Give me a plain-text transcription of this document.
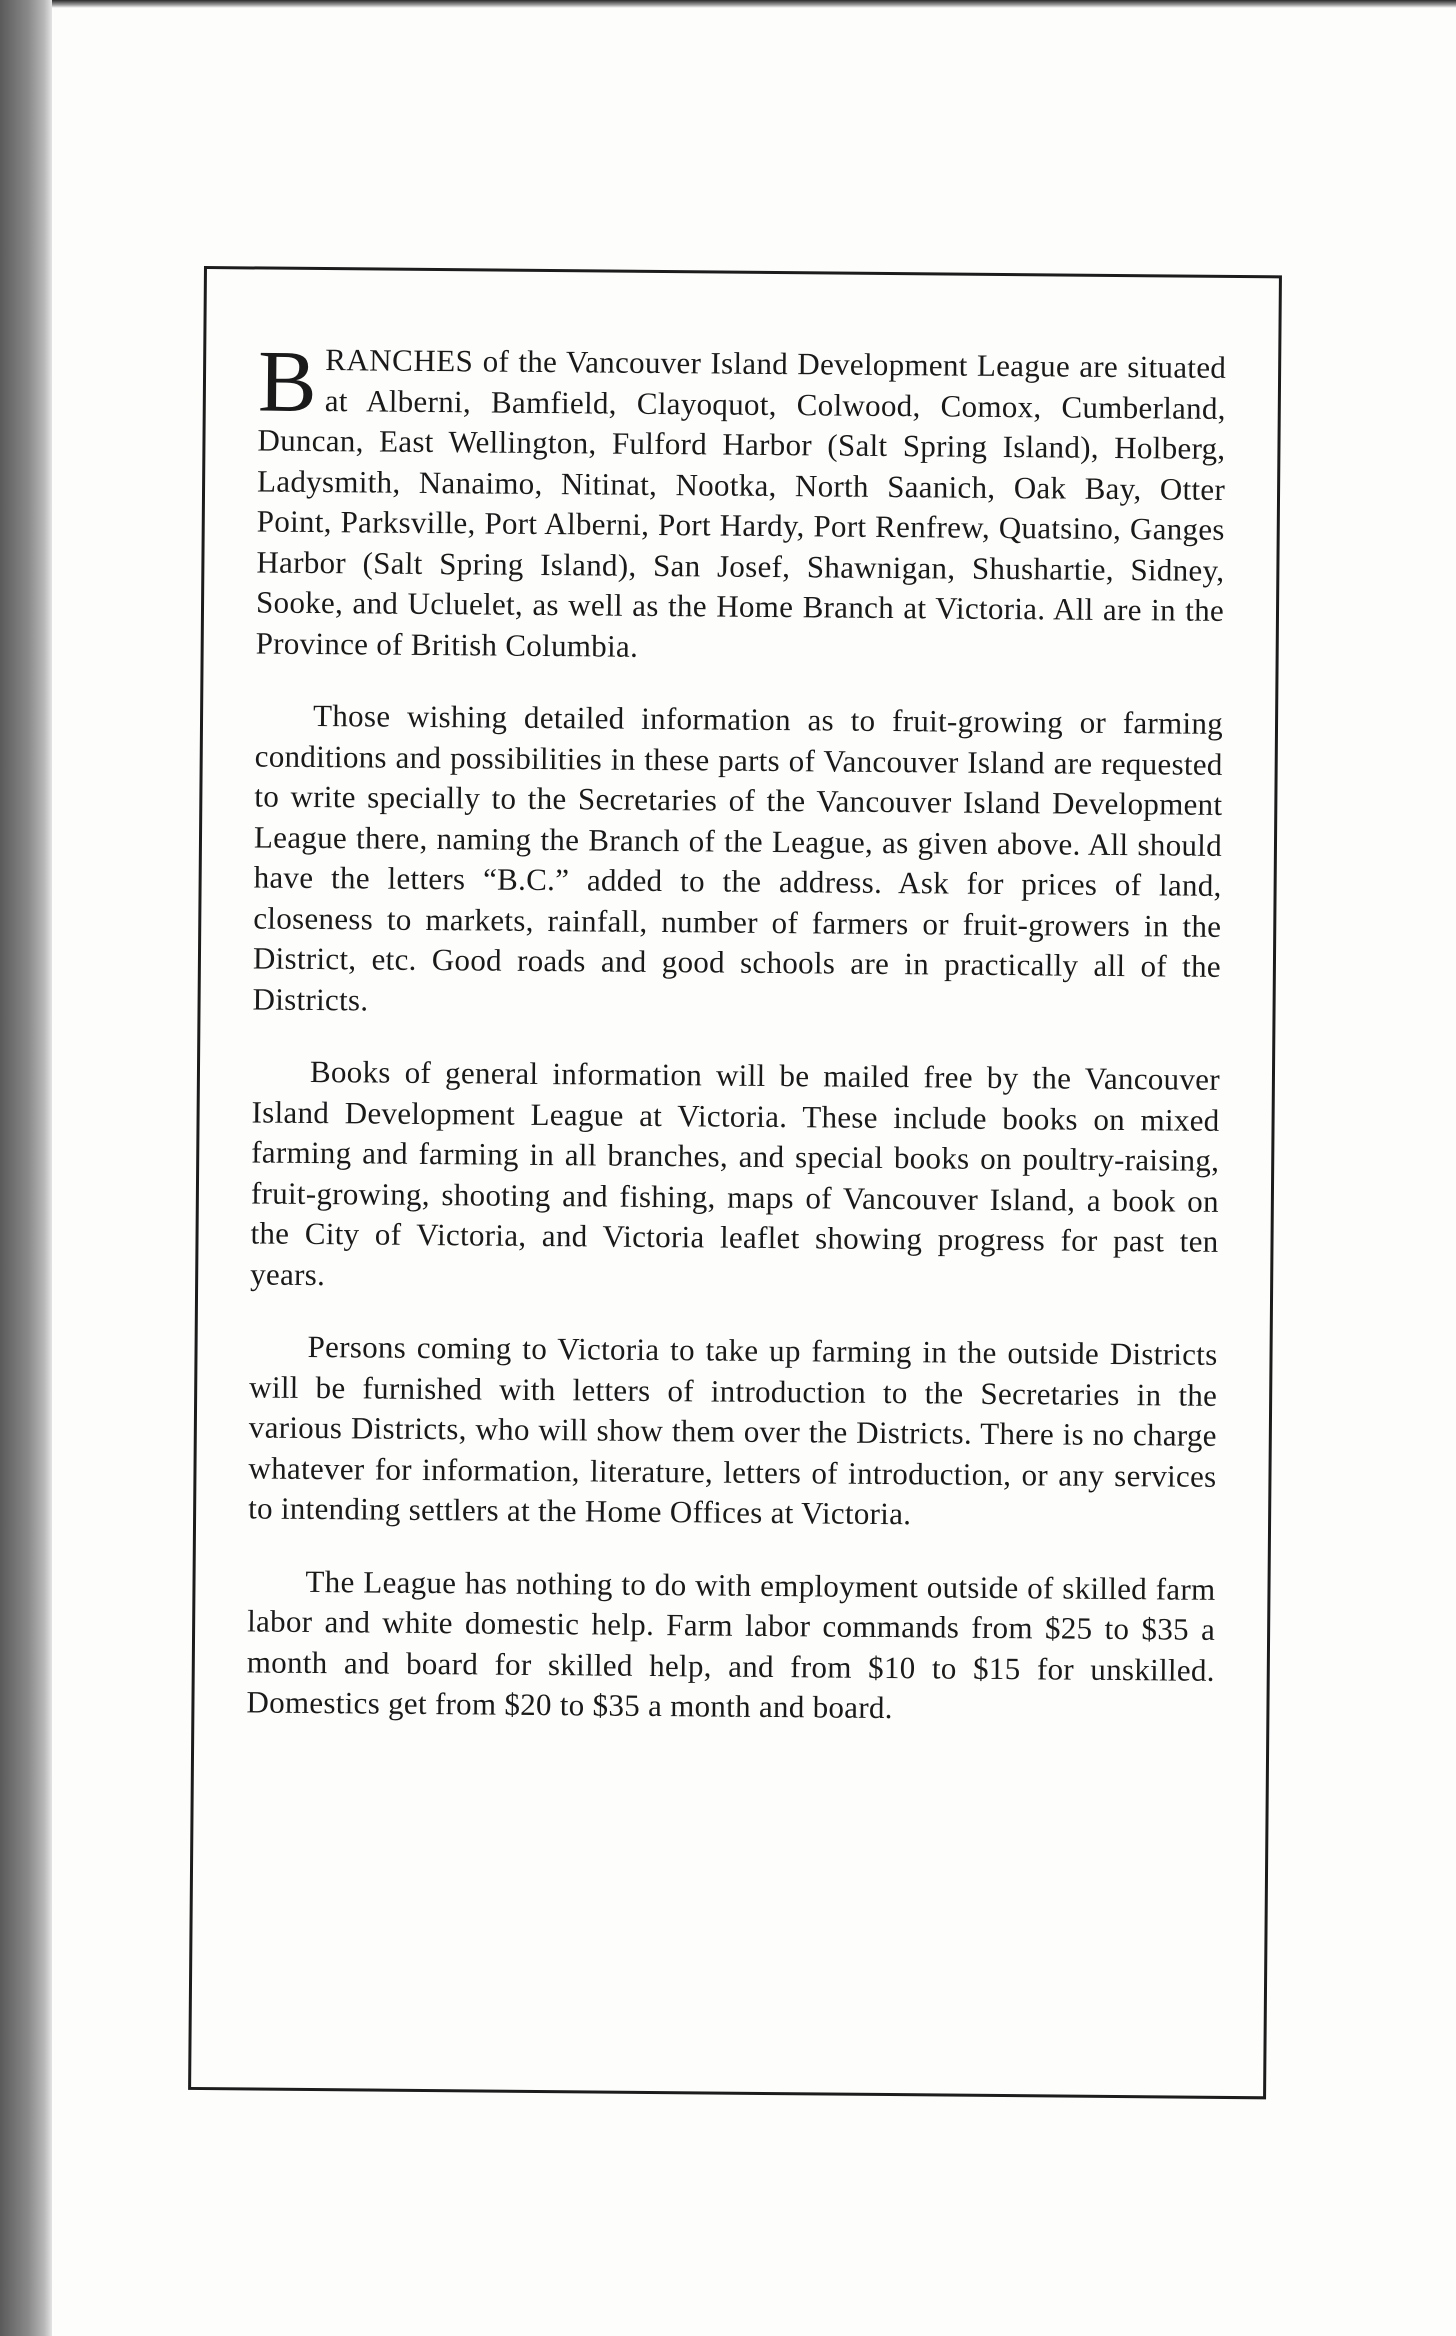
BRANCHES of the Vancouver Island Development League are situated at Alberni, Bamfield, Clayoquot, Colwood, Comox, Cumberland, Duncan, East Wellington, Fulford Harbor (Salt Spring Island), Holberg, Ladysmith, Nanaimo, Nitinat, Nootka, North Saanich, Oak Bay, Otter Point, Parksville, Port Alberni, Port Hardy, Port Renfrew, Quatsino, Ganges Harbor (Salt Spring Island), San Josef, Shawnigan, Shushartie, Sidney, Sooke, and Ucluelet, as well as the Home Branch at Victoria. All are in the Province of British Columbia.

Those wishing detailed information as to fruit-growing or farming conditions and possibilities in these parts of Vancouver Island are requested to write specially to the Secretaries of the Vancouver Island Development League there, naming the Branch of the League, as given above. All should have the letters “B.C.” added to the address. Ask for prices of land, closeness to markets, rainfall, number of farmers or fruit-growers in the District, etc. Good roads and good schools are in practically all of the Districts.

Books of general information will be mailed free by the Vancouver Island Development League at Victoria. These include books on mixed farming and farming in all branches, and special books on poultry-raising, fruit-growing, shooting and fishing, maps of Vancouver Island, a book on the City of Victoria, and Victoria leaflet showing progress for past ten years.

Persons coming to Victoria to take up farming in the outside Districts will be furnished with letters of introduction to the Secretaries in the various Districts, who will show them over the Districts. There is no charge whatever for information, literature, letters of introduction, or any services to intending settlers at the Home Offices at Victoria.

The League has nothing to do with employment outside of skilled farm labor and white domestic help. Farm labor commands from $25 to $35 a month and board for skilled help, and from $10 to $15 for unskilled. Domestics get from $20 to $35 a month and board.
